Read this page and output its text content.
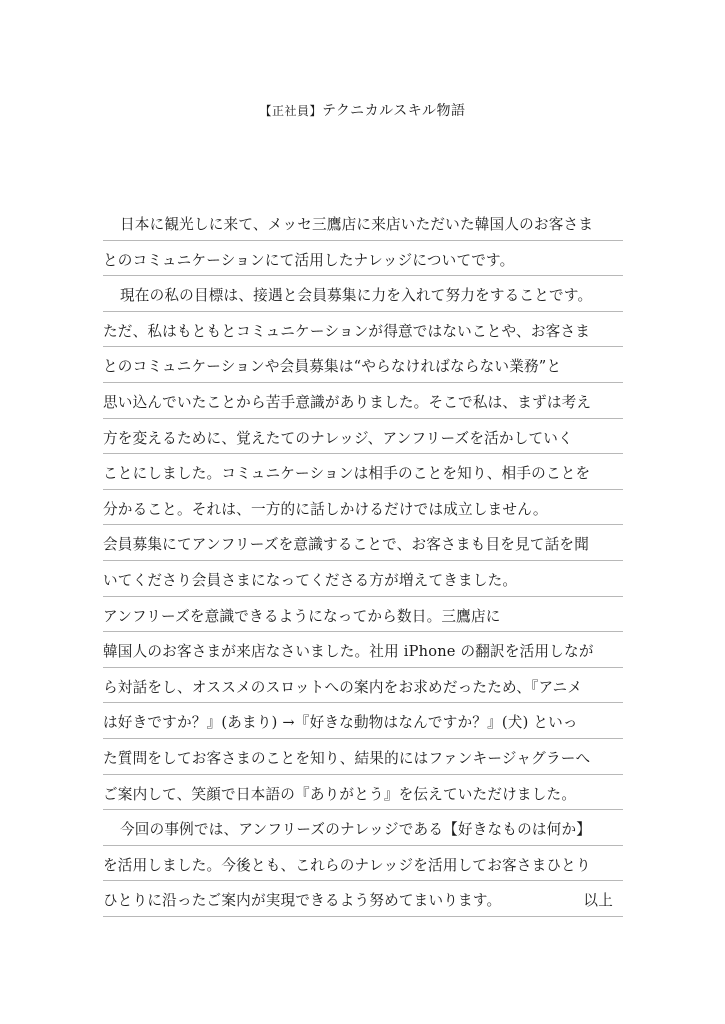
【正社員】テクニカルスキル物語
日本に観光しに来て、メッセ三鷹店に来店いただいた韓国人のお客さま
とのコミュニケーションにて活用したナレッジについてです。
現在の私の目標は、接遇と会員募集に力を入れて努力をすることです。
ただ、私はもともとコミュニケーションが得意ではないことや、お客さま
とのコミュニケーションや会員募集は“やらなければならない業務”と
思い込んでいたことから苦手意識がありました。そこで私は、まずは考え
方を変えるために、覚えたてのナレッジ、アンフリーズを活かしていく
ことにしました。コミュニケーションは相手のことを知り、相手のことを
分かること。それは、一方的に話しかけるだけでは成立しません。
会員募集にてアンフリーズを意識することで、お客さまも目を見て話を聞
いてくださり会員さまになってくださる方が増えてきました。
アンフリーズを意識できるようになってから数日。三鷹店に
韓国人のお客さまが来店なさいました。社用 iPhone の翻訳を活用しなが
ら対話をし、オススメのスロットへの案内をお求めだったため、『アニメ
は好きですか？』(あまり) →『好きな動物はなんですか？』(犬) といっ
た質問をしてお客さまのことを知り、結果的にはファンキージャグラーへ
ご案内して、笑顔で日本語の『ありがとう』を伝えていただけました。
今回の事例では、アンフリーズのナレッジである【好きなものは何か】
を活用しました。今後とも、これらのナレッジを活用してお客さまひとり
ひとりに沿ったご案内が実現できるよう努めてまいります。	以上
